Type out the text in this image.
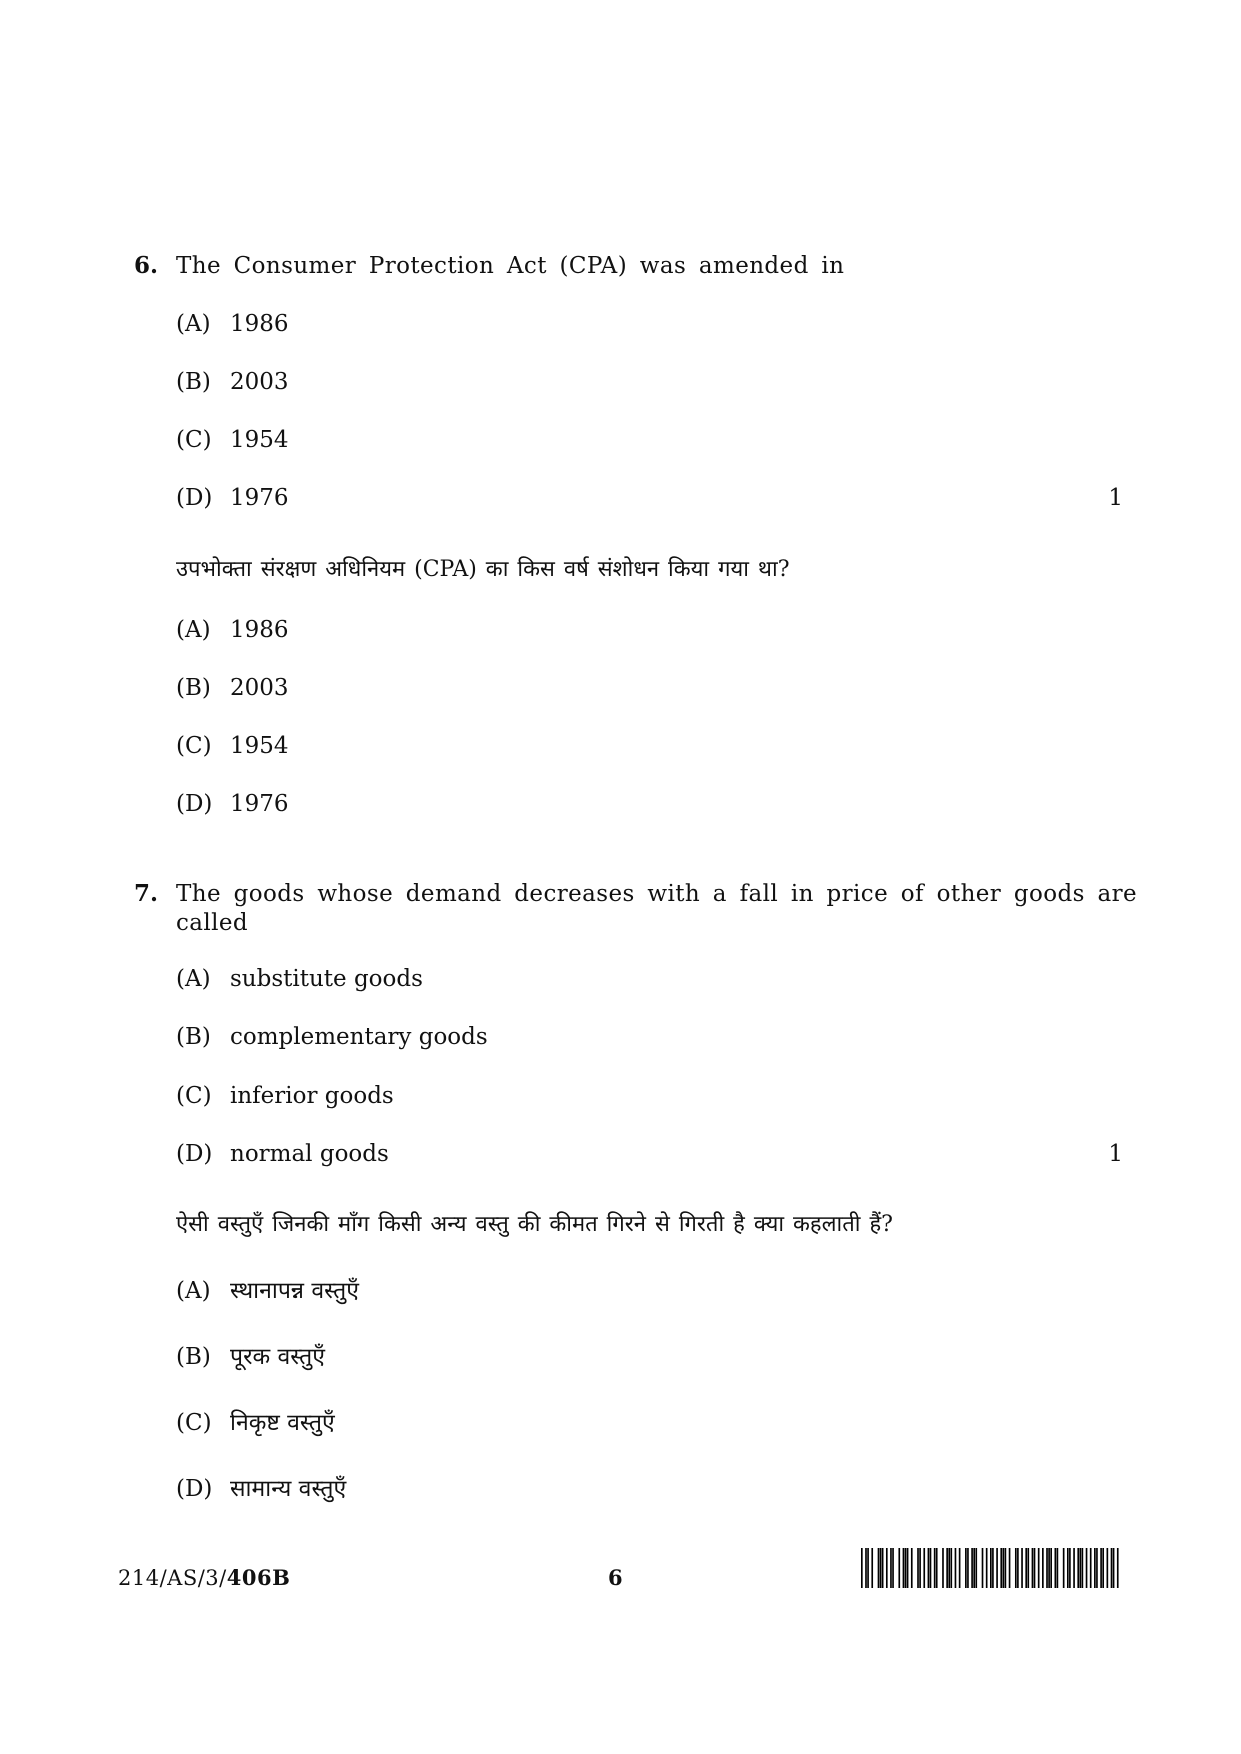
6. The Consumer Protection Act (CPA) was amended in
(A) 1986
(B) 2003
(C) 1954
(D) 1976	1
उपभोक्ता संरक्षण अधिनियम (CPA) का किस वर्ष संशोधन किया गया था?
(A) 1986
(B) 2003
(C) 1954
(D) 1976
7. The goods whose demand decreases with a fall in price of other goods are
called
(A) substitute goods
(B) complementary goods
(C) inferior goods
(D) normal goods	1
ऐसी वस्तुएँ जिनकी माँग किसी अन्य वस्तु की कीमत गिरने से गिरती है क्या कहलाती हैं?
(A) स्थानापन्न वस्तुएँ
(B) पूरक वस्तुएँ
(C) निकृष्ट वस्तुएँ
(D) सामान्य वस्तुएँ
214/AS/3/406B	6
